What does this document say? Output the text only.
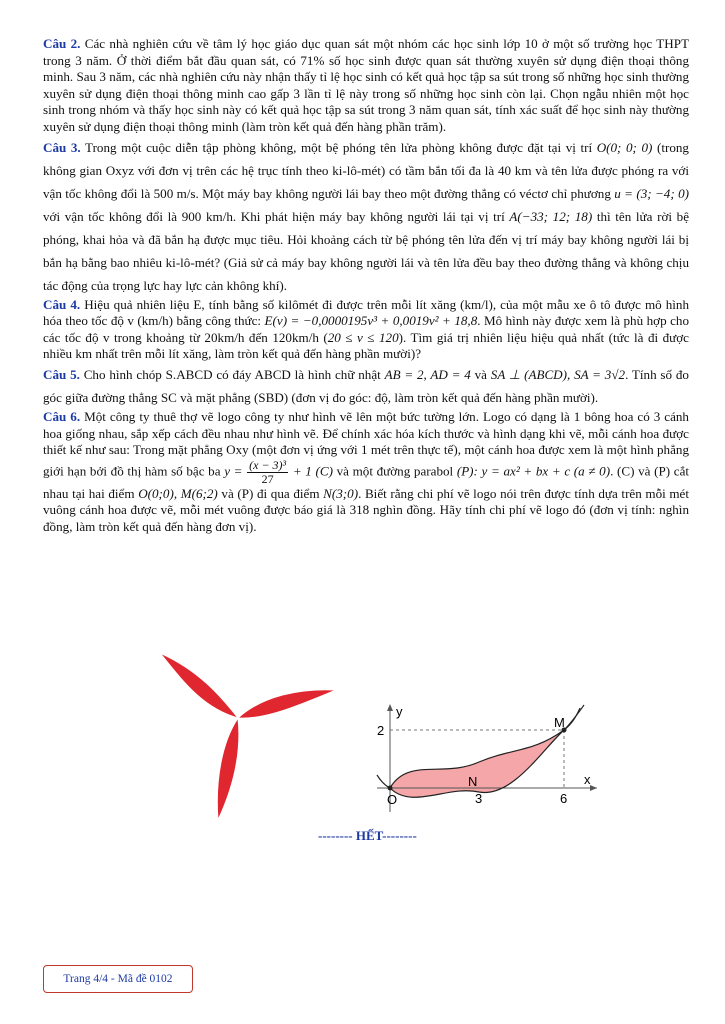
Câu 2. Các nhà nghiên cứu về tâm lý học giáo dục quan sát một nhóm các học sinh lớp 10 ở một số trường học THPT trong 3 năm. Ở thời điểm bắt đầu quan sát, có 71% số học sinh được quan sát thường xuyên sử dụng điện thoại thông minh. Sau 3 năm, các nhà nghiên cứu này nhận thấy tỉ lệ học sinh có kết quả học tập sa sút trong số những học sinh thường xuyên sử dụng điện thoại thông minh cao gấp 3 lần tỉ lệ này trong số những học sinh còn lại. Chọn ngẫu nhiên một học sinh trong nhóm và thấy học sinh này có kết quả học tập sa sút trong 3 năm quan sát, tính xác suất để học sinh này thường xuyên sử dụng điện thoại thông minh (làm tròn kết quả đến hàng phần trăm).

Câu 3. Trong một cuộc diễn tập phòng không, một bệ phóng tên lửa phòng không được đặt tại vị trí O(0; 0; 0) (trong không gian Oxyz với đơn vị trên các hệ trục tính theo ki-lô-mét) có tầm bắn tối đa là 40 km và tên lửa được phóng ra với vận tốc không đổi là 500 m/s. Một máy bay không người lái bay theo một đường thẳng có véctơ chỉ phương u = (3; −4; 0) với vận tốc không đổi là 900 km/h. Khi phát hiện máy bay không người lái tại vị trí A(−33; 12; 18) thì tên lửa rời bệ phóng, khai hỏa và đã bắn hạ được mục tiêu. Hỏi khoảng cách từ bệ phóng tên lửa đến vị trí máy bay không người lái bị bắn hạ bằng bao nhiêu ki-lô-mét? (Giả sử cả máy bay không người lái và tên lửa đều bay theo đường thẳng và không chịu tác động của trọng lực hay lực cản không khí).

Câu 4. Hiệu quả nhiên liệu E, tính bằng số kilômét đi được trên mỗi lít xăng (km/l), của một mẫu xe ô tô được mô hình hóa theo tốc độ v (km/h) bằng công thức: E(v) = −0,0000195v³ + 0,0019v² + 18,8. Mô hình này được xem là phù hợp cho các tốc độ v trong khoảng từ 20km/h đến 120km/h (20 ≤ v ≤ 120). Tìm giá trị nhiên liệu hiệu quả nhất (tức là đi được nhiều km nhất trên mỗi lít xăng, làm tròn kết quả đến hàng phần mười)?

Câu 5. Cho hình chóp S.ABCD có đáy ABCD là hình chữ nhật AB = 2, AD = 4 và SA ⊥ (ABCD), SA = 3√2. Tính số đo góc giữa đường thẳng SC và mặt phẳng (SBD) (đơn vị đo góc: độ, làm tròn kết quả đến hàng phần mười).

Câu 6. Một công ty thuê thợ vẽ logo công ty như hình vẽ lên một bức tường lớn. Logo có dạng là 1 bông hoa có 3 cánh hoa giống nhau, sắp xếp cách đều nhau như hình vẽ. Để chính xác hóa kích thước và hình dạng khi vẽ, mỗi cánh hoa được thiết kế như sau: Trong mặt phẳng Oxy (một đơn vị ứng với 1 mét trên thực tế), một cánh hoa được xem là một hình phẳng giới hạn bởi đồ thị hàm số bậc ba $y = \frac{\text{(x − 3)³}}{27} + 1$ (C) và một đường parabol (P): y = ax² + bx + c (a ≠ 0). (C) và (P) cắt nhau tại hai điểm O(0;0), M(6;2) và (P) đi qua điểm N(3;0). Biết rằng chi phí vẽ logo nói trên được tính dựa trên mỗi mét vuông cánh hoa được vẽ, mỗi mét vuông được báo giá là 318 nghìn đồng. Hãy tính chi phí vẽ logo đó (đơn vị tính: nghìn đồng, làm tròn kết quả đến hàng đơn vị).

y
x
O
N
M
2
3	6
-------- HẾT--------
Trang 4/4 - Mã đề 0102
